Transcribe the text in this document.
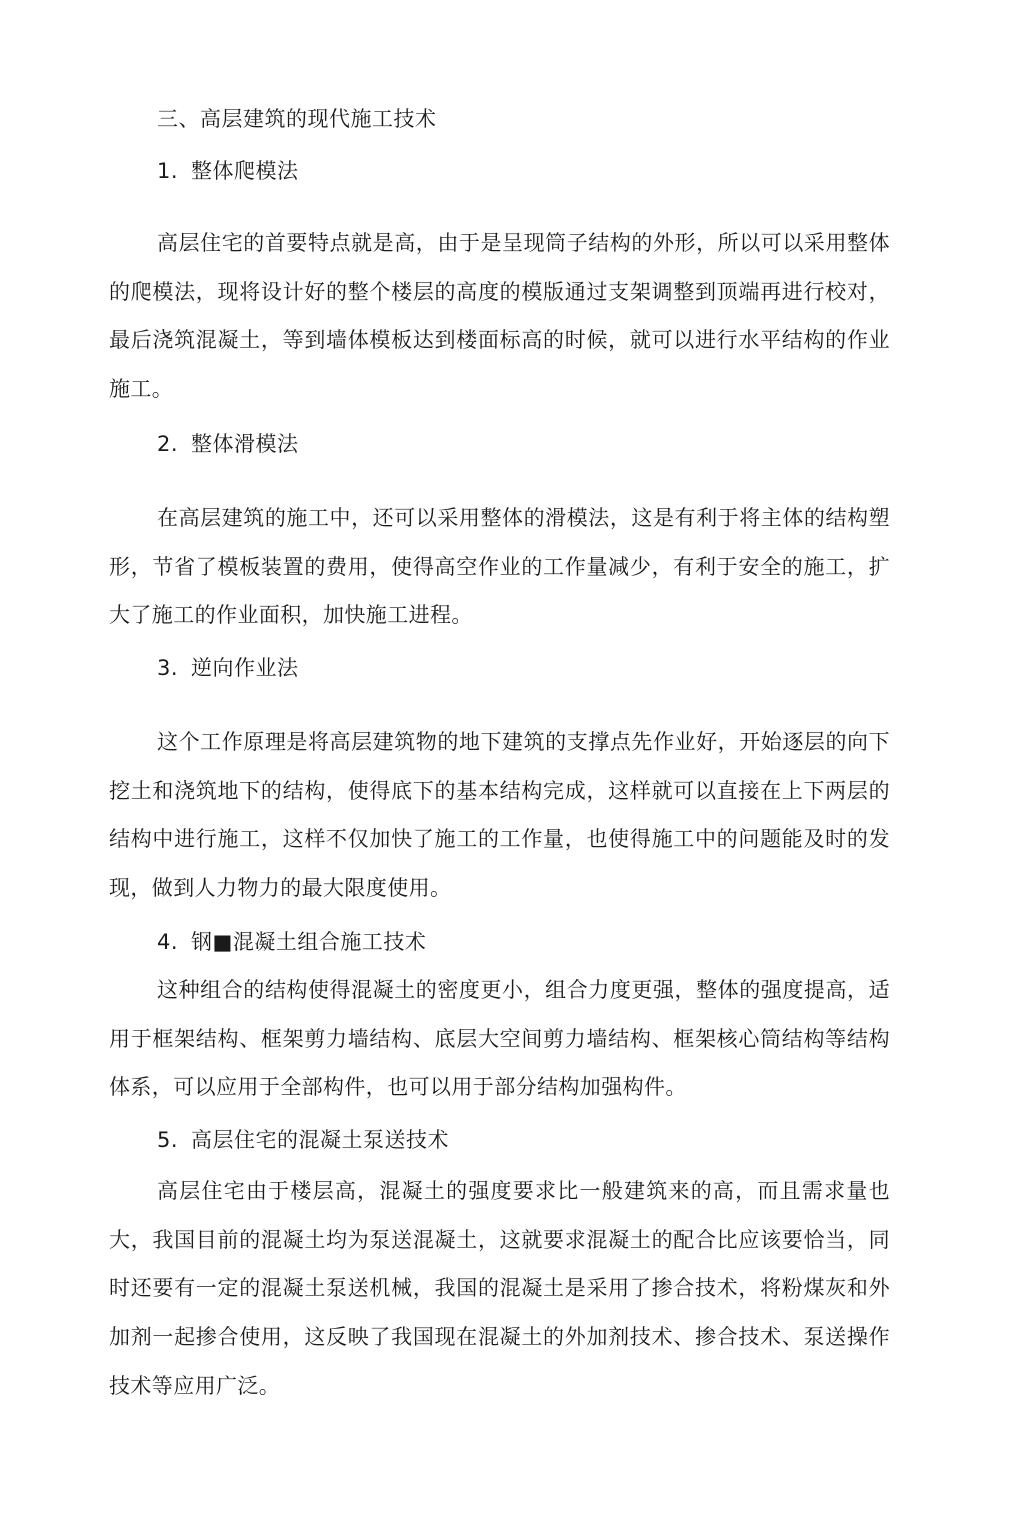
三、高层建筑的现代施工技术
1. 整体爬模法

高层住宅的首要特点就是高，由于是呈现筒子结构的外形，所以可以采用整体的爬模法，现将设计好的整个楼层的高度的模版通过支架调整到顶端再进行校对，最后浇筑混凝土，等到墙体模板达到楼面标高的时候，就可以进行水平结构的作业施工。

2. 整体滑模法

在高层建筑的施工中，还可以采用整体的滑模法，这是有利于将主体的结构塑形，节省了模板装置的费用，使得高空作业的工作量减少，有利于安全的施工，扩大了施工的作业面积，加快施工进程。

3. 逆向作业法

这个工作原理是将高层建筑物的地下建筑的支撑点先作业好，开始逐层的向下挖土和浇筑地下的结构，使得底下的基本结构完成，这样就可以直接在上下两层的结构中进行施工，这样不仅加快了施工的工作量，也使得施工中的问题能及时的发现，做到人力物力的最大限度使用。

4. 钢■混凝土组合施工技术

这种组合的结构使得混凝土的密度更小，组合力度更强，整体的强度提高，适用于框架结构、框架剪力墙结构、底层大空间剪力墙结构、框架核心筒结构等结构体系，可以应用于全部构件，也可以用于部分结构加强构件。

5. 高层住宅的混凝土泵送技术

高层住宅由于楼层高，混凝土的强度要求比一般建筑来的高，而且需求量也大，我国目前的混凝土均为泵送混凝土，这就要求混凝土的配合比应该要恰当，同时还要有一定的混凝土泵送机械，我国的混凝土是采用了掺合技术，将粉煤灰和外加剂一起掺合使用，这反映了我国现在混凝土的外加剂技术、掺合技术、泵送操作技术等应用广泛。
